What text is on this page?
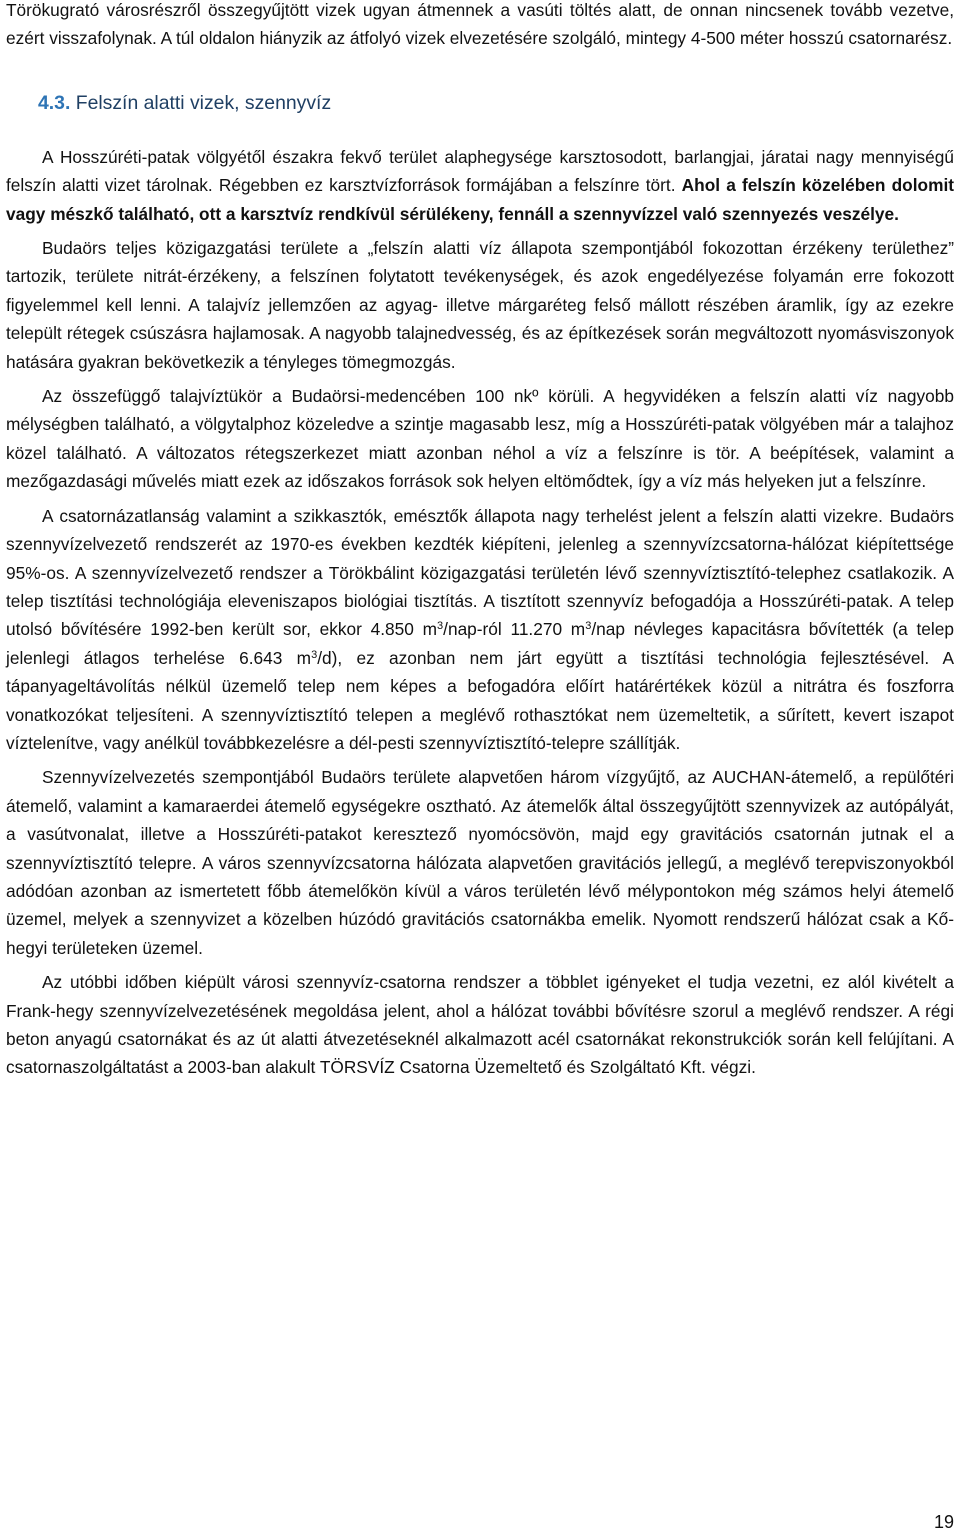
Törökugrató városrészről összegyűjtött vizek ugyan átmennek a vasúti töltés alatt, de onnan nincsenek tovább vezetve, ezért visszafolynak. A túl oldalon hiányzik az átfolyó vizek elvezetésére szolgáló, mintegy 4-500 méter hosszú csatornarész.

4.3. Felszín alatti vizek, szennyvíz

A Hosszúréti-patak völgyétől északra fekvő terület alaphegysége karsztosodott, barlangjai, járatai nagy mennyiségű felszín alatti vizet tárolnak. Régebben ez karsztvízforrások formájában a felszínre tört. Ahol a felszín közelében dolomit vagy mészkő található, ott a karsztvíz rendkívül sérülékeny, fennáll a szennyvízzel való szennyezés veszélye.

Budaörs teljes közigazgatási területe a „felszín alatti víz állapota szempontjából fokozottan érzékeny területhez” tartozik, területe nitrát-érzékeny, a felszínen folytatott tevékenységek, és azok engedélyezése folyamán erre fokozott figyelemmel kell lenni. A talajvíz jellemzően az agyag- illetve márgaréteg felső mállott részében áramlik, így az ezekre települt rétegek csúszásra hajlamosak. A nagyobb talajnedvesség, és az építkezések során megváltozott nyomásviszonyok hatására gyakran bekövetkezik a tényleges tömegmozgás.

Az összefüggő talajvíztükör a Budaörsi-medencében 100 nkº körüli. A hegyvidéken a felszín alatti víz nagyobb mélységben található, a völgytalphoz közeledve a szintje magasabb lesz, míg a Hosszúréti-patak völgyében már a talajhoz közel található. A változatos rétegszerkezet miatt azonban néhol a víz a felszínre is tör. A beépítések, valamint a mezőgazdasági művelés miatt ezek az időszakos források sok helyen eltömődtek, így a víz más helyeken jut a felszínre.

A csatornázatlanság valamint a szikkasztók, emésztők állapota nagy terhelést jelent a felszín alatti vizekre. Budaörs szennyvízelvezető rendszerét az 1970-es években kezdték kiépíteni, jelenleg a szennyvízcsatorna-hálózat kiépítettsége 95%-os. A szennyvízelvezető rendszer a Törökbálint közigazgatási területén lévő szennyvíztisztító-telephez csatlakozik. A telep tisztítási technológiája eleveniszapos biológiai tisztítás. A tisztított szennyvíz befogadója a Hosszúréti-patak. A telep utolsó bővítésére 1992-ben került sor, ekkor 4.850 $m^3/nap$-ról 11.270 $m^3$/nap névleges kapacitásra bővítették (a telep jelenlegi átlagos terhelése 6.643 $m^3/d$), ez azonban nem járt együtt a tisztítási technológia fejlesztésével. A tápanyageltávolítás nélkül üzemelő telep nem képes a befogadóra előírt határértékek közül a nitrátra és foszforra vonatkozókat teljesíteni. A szennyvíztisztító telepen a meglévő rothasztókat nem üzemeltetik, a sűrített, kevert iszapot víztelenítve, vagy anélkül továbbkezelésre a dél-pesti szennyvíztisztító-telepre szállítják.

Szennyvízelvezetés szempontjából Budaörs területe alapvetően három vízgyűjtő, az AUCHAN-átemelő, a repülőtéri átemelő, valamint a kamaraerdei átemelő egységekre osztható. Az átemelők által összegyűjtött szennyvizek az autópályát, a vasútvonalat, illetve a Hosszúréti-patakot keresztező nyomócsövön, majd egy gravitációs csatornán jutnak el a szennyvíztisztító telepre. A város szennyvízcsatorna hálózata alapvetően gravitációs jellegű, a meglévő terepviszonyokból adódóan azonban az ismertetett főbb átemelőkön kívül a város területén lévő mélypontokon még számos helyi átemelő üzemel, melyek a szennyvizet a közelben húzódó gravitációs csatornákba emelik. Nyomott rendszerű hálózat csak a Kő-hegyi területeken üzemel.

Az utóbbi időben kiépült városi szennyvíz-csatorna rendszer a többlet igényeket el tudja vezetni, ez alól kivételt a Frank-hegy szennyvízelvezetésének megoldása jelent, ahol a hálózat további bővítésre szorul a meglévő rendszer. A régi beton anyagú csatornákat és az út alatti átvezetéseknél alkalmazott acél csatornákat rekonstrukciók során kell felújítani. A csatornaszolgáltatást a 2003-ban alakult TÖRSVÍZ Csatorna Üzemeltető és Szolgáltató Kft. végzi.

19
